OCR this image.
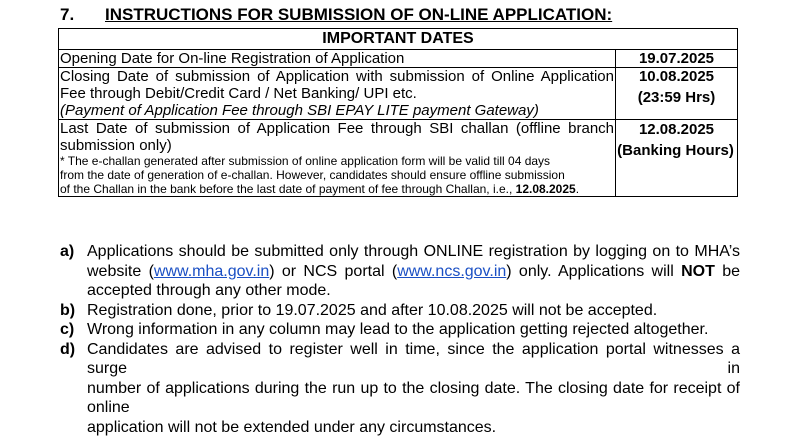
7. INSTRUCTIONS FOR SUBMISSION OF ON-LINE APPLICATION:
IMPORTANT DATES	
Opening Date for On-line Registration of Application	19.07.2025

Closing Date of submission of Application with submission of Online Application
Fee through Debit/Credit Card / Net Banking/ UPI etc.
(Payment of Application Fee through SBI EPAY LITE payment Gateway)	10.08.2025
(23:59 Hrs)

Last Date of submission of Application Fee through SBI challan (offline branch
submission only)
* The e-challan generated after submission of online application form will be valid till 04 days
from the date of generation of e-challan. However, candidates should ensure offline submission
of the Challan in the bank before the last date of payment of fee through Challan, i.e., 12.08.2025.	12.08.2025
(Banking Hours)
a) Applications should be submitted only through ONLINE registration by logging on to MHA’s
website (www.mha.gov.in) or NCS portal (www.ncs.gov.in) only. Applications will NOT be
accepted through any other mode.
b) Registration done, prior to 19.07.2025 and after 10.08.2025 will not be accepted.
c) Wrong information in any column may lead to the application getting rejected altogether.
d) Candidates are advised to register well in time, since the application portal witnesses a surge in
number of applications during the run up to the closing date. The closing date for receipt of online
application will not be extended under any circumstances.
